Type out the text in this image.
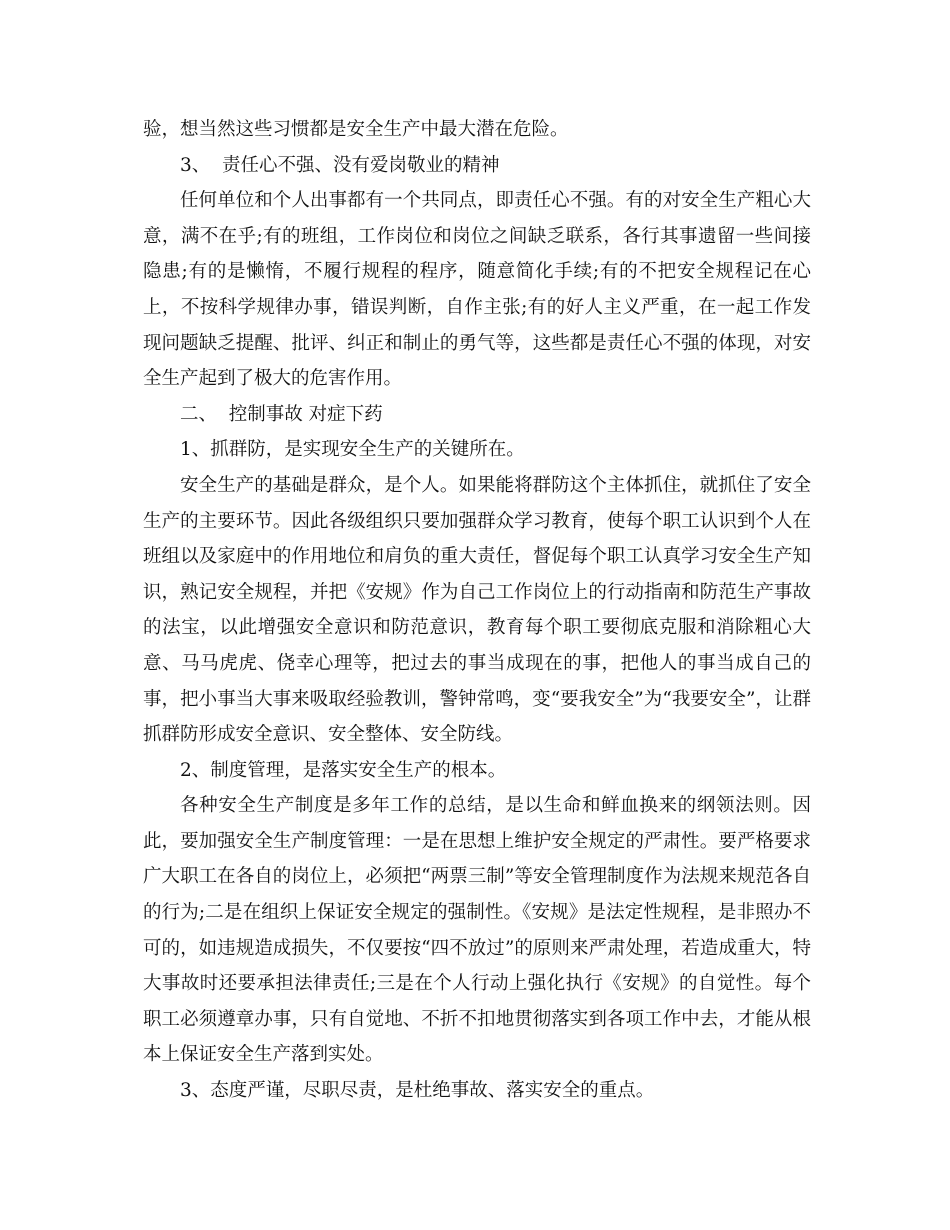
验，想当然这些习惯都是安全生产中最大潜在危险。

3、  责任心不强、没有爱岗敬业的精神

任何单位和个人出事都有一个共同点，即责任心不强。有的对安全生产粗心大意，满不在乎;有的班组，工作岗位和岗位之间缺乏联系，各行其事遗留一些间接隐患;有的是懒惰，不履行规程的程序，随意简化手续;有的不把安全规程记在心上，不按科学规律办事，错误判断，自作主张;有的好人主义严重，在一起工作发现问题缺乏提醒、批评、纠正和制止的勇气等，这些都是责任心不强的体现，对安全生产起到了极大的危害作用。

二、  控制事故 对症下药

1、抓群防，是实现安全生产的关键所在。

安全生产的基础是群众，是个人。如果能将群防这个主体抓住，就抓住了安全生产的主要环节。因此各级组织只要加强群众学习教育，使每个职工认识到个人在班组以及家庭中的作用地位和肩负的重大责任，督促每个职工认真学习安全生产知识，熟记安全规程，并把《安规》作为自己工作岗位上的行动指南和防范生产事故的法宝，以此增强安全意识和防范意识，教育每个职工要彻底克服和消除粗心大意、马马虎虎、侥幸心理等，把过去的事当成现在的事，把他人的事当成自己的事，把小事当大事来吸取经验教训，警钟常鸣，变“要我安全”为“我要安全”，让群抓群防形成安全意识、安全整体、安全防线。

2、制度管理，是落实安全生产的根本。

各种安全生产制度是多年工作的总结，是以生命和鲜血换来的纲领法则。因此，要加强安全生产制度管理：一是在思想上维护安全规定的严肃性。要严格要求广大职工在各自的岗位上，必须把“两票三制”等安全管理制度作为法规来规范各自的行为;二是在组织上保证安全规定的强制性。《安规》是法定性规程，是非照办不可的，如违规造成损失，不仅要按“四不放过”的原则来严肃处理，若造成重大，特大事故时还要承担法律责任;三是在个人行动上强化执行《安规》的自觉性。每个职工必须遵章办事，只有自觉地、不折不扣地贯彻落实到各项工作中去，才能从根本上保证安全生产落到实处。

3、态度严谨，尽职尽责，是杜绝事故、落实安全的重点。
